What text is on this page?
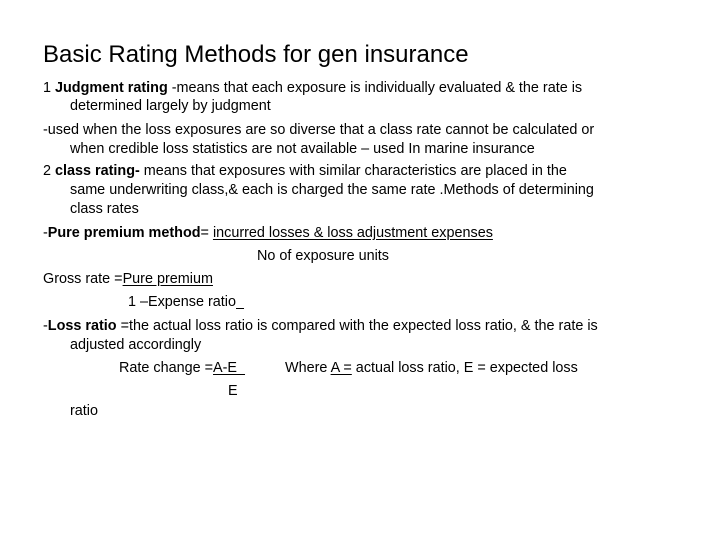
Basic Rating Methods for gen insurance
1 Judgment rating -means that each exposure is individually evaluated & the rate is
determined largely by judgment
-used when the loss exposures are so diverse that a class rate cannot be calculated or
when credible loss statistics are not available – used In marine insurance
2 class rating- means that exposures with similar characteristics are placed in the
same underwriting class,& each is charged the same rate .Methods of determining
class rates
-Pure premium method= incurred losses & loss adjustment expenses
No of exposure units
Gross rate =Pure premium
1 –Expense ratio
-Loss ratio =the actual loss ratio is compared with the expected loss ratio, & the rate is
adjusted accordingly
Rate change =A-E	Where A = actual loss ratio, E = expected loss
E
ratio
